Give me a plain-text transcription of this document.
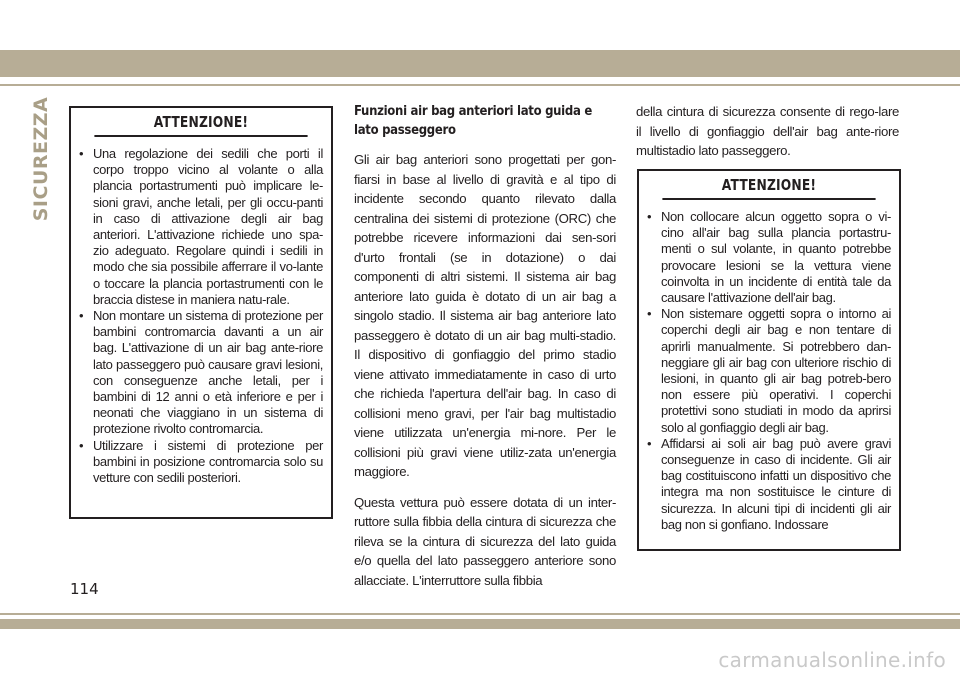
SICUREZZA	ATTENZIONE!
• Una regolazione dei sedili che porti il corpo troppo vicino al volante o alla plancia portastrumenti può implicare le-sioni gravi, anche letali, per gli occu-panti in caso di attivazione degli air bag anteriori. L'attivazione richiede uno spa-zio adeguato. Regolare quindi i sedili in modo che sia possibile afferrare il vo-lante o toccare la plancia portastrumenti con le braccia distese in maniera natu-rale.
• Non montare un sistema di protezione per bambini contromarcia davanti a un air bag. L'attivazione di un air bag ante-riore lato passeggero può causare gravi lesioni, con conseguenze anche letali, per i bambini di 12 anni o età inferiore e per i neonati che viaggiano in un sistema di protezione rivolto contromarcia.
• Utilizzare i sistemi di protezione per bambini in posizione contromarcia solo su vetture con sedili posteriori.
Funzioni air bag anteriori lato guida e lato passeggero

Gli air bag anteriori sono progettati per gon-fiarsi in base al livello di gravità e al tipo di incidente secondo quanto rilevato dalla centralina dei sistemi di protezione (ORC) che potrebbe ricevere informazioni dai sen-sori d'urto frontali (se in dotazione) o dai componenti di altri sistemi. Il sistema air bag anteriore lato guida è dotato di un air bag a singolo stadio. Il sistema air bag anteriore lato passeggero è dotato di un air bag multi-stadio. Il dispositivo di gonfiaggio del primo stadio viene attivato immediatamente in caso di urto che richieda l'apertura dell'air bag. In caso di collisioni meno gravi, per l'air bag multistadio viene utilizzata un'energia mi-nore. Per le collisioni più gravi viene utiliz-zata un'energia maggiore.

Questa vettura può essere dotata di un inter-ruttore sulla fibbia della cintura di sicurezza che rileva se la cintura di sicurezza del lato guida e/o quella del lato passeggero anteriore sono allacciate. L'interruttore sulla fibbia

della cintura di sicurezza consente di rego-lare il livello di gonfiaggio dell'air bag ante-riore multistadio lato passeggero.

ATTENZIONE!
• Non collocare alcun oggetto sopra o vi-cino all'air bag sulla plancia portastru-menti o sul volante, in quanto potrebbe provocare lesioni se la vettura viene coinvolta in un incidente di entità tale da causare l'attivazione dell'air bag.
• Non sistemare oggetti sopra o intorno ai coperchi degli air bag e non tentare di aprirli manualmente. Si potrebbero dan-neggiare gli air bag con ulteriore rischio di lesioni, in quanto gli air bag potreb-bero non essere più operativi. I coperchi protettivi sono studiati in modo da aprirsi solo al gonfiaggio degli air bag.
• Affidarsi ai soli air bag può avere gravi conseguenze in caso di incidente. Gli air bag costituiscono infatti un dispositivo che integra ma non sostituisce le cinture di sicurezza. In alcuni tipi di incidenti gli air bag non si gonfiano. Indossare
114
carmanualsonline.info
